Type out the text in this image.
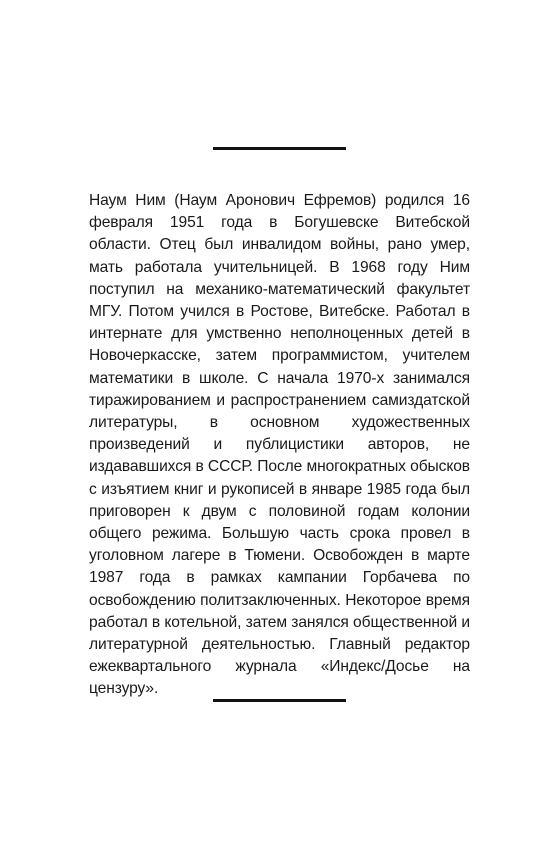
Наум Ним (Наум Аронович Ефремов) родился 16 февраля 1951 года в Богушевске Витебской области. Отец был инвалидом войны, рано умер, мать работала учительницей. В 1968 году Ним поступил на механико-математический факультет МГУ. Потом учился в Ростове, Витебске. Работал в интернате для умственно неполноценных детей в Новочеркасске, затем программистом, учителем математики в школе. С начала 1970-х занимался тиражированием и распространением самиздатской литературы, в основном художественных произведений и публицистики авторов, не издававшихся в СССР. После многократных обысков с изъятием книг и рукописей в январе 1985 года был приговорен к двум с половиной годам колонии общего режима. Большую часть срока провел в уголовном лагере в Тюмени. Освобожден в марте 1987 года в рамках кампании Горбачева по освобождению политзаключенных. Некоторое время работал в котельной, затем занялся общественной и литературной деятельностью. Главный редактор ежеквартального журнала «Индекс/Досье на цензуру».
